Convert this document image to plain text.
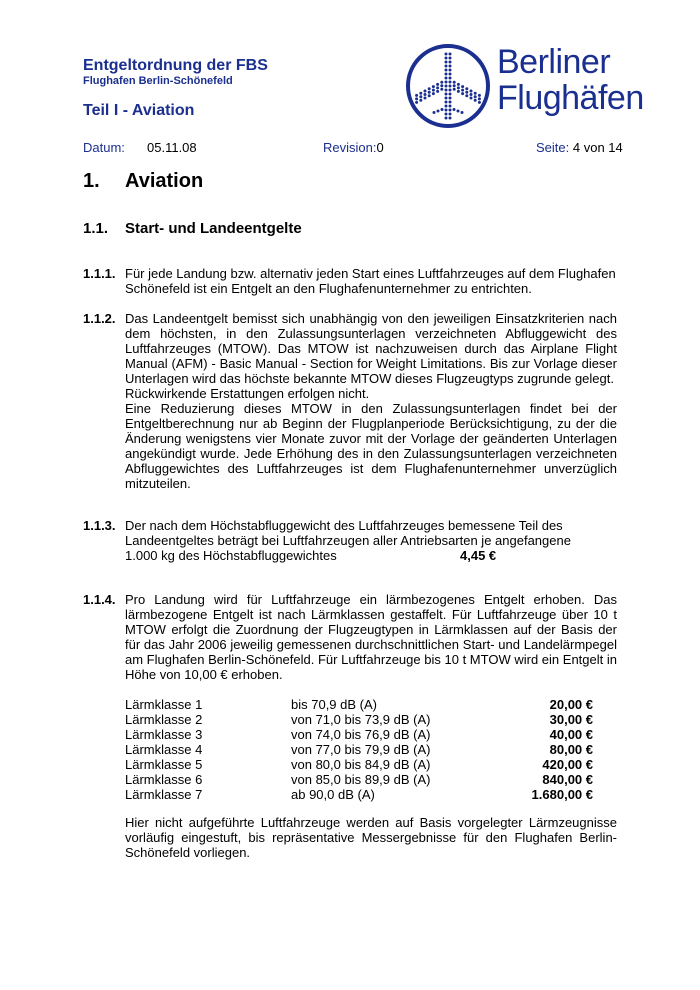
Entgeltordnung der FBS
Flughafen Berlin-Schönefeld
Teil I - Aviation
Berliner
Flughäfen
Datum: 05.11.08	Revision:0	Seite: 4 von 14
1. Aviation
1.1. Start- und Landeentgelte
1.1.1. Für jede Landung bzw. alternativ jeden Start eines Luftfahrzeuges auf dem Flughafen
Schönefeld ist ein Entgelt an den Flughafenunternehmer zu entrichten.
1.1.2. Das Landeentgelt bemisst sich unabhängig von den jeweiligen Einsatzkriterien nach
dem höchsten, in den Zulassungsunterlagen verzeichneten Abfluggewicht des
Luftfahrzeuges (MTOW). Das MTOW ist nachzuweisen durch das Airplane Flight
Manual (AFM) - Basic Manual - Section for Weight Limitations. Bis zur Vorlage dieser
Unterlagen wird das höchste bekannte MTOW dieses Flugzeugtyps zugrunde gelegt.
Rückwirkende Erstattungen erfolgen nicht.
Eine Reduzierung dieses MTOW in den Zulassungsunterlagen findet bei der
Entgeltberechnung nur ab Beginn der Flugplanperiode Berücksichtigung, zu der die
Änderung wenigstens vier Monate zuvor mit der Vorlage der geänderten Unterlagen
angekündigt wurde. Jede Erhöhung des in den Zulassungsunterlagen verzeichneten
Abfluggewichtes des Luftfahrzeuges ist dem Flughafenunternehmer unverzüglich
mitzuteilen.
1.1.3. Der nach dem Höchstabfluggewicht des Luftfahrzeuges bemessene Teil des
Landeentgeltes beträgt bei Luftfahrzeugen aller Antriebsarten je angefangene
1.000 kg des Höchstabfluggewichtes	4,45 €
1.1.4. Pro Landung wird für Luftfahrzeuge ein lärmbezogenes Entgelt erhoben. Das
lärmbezogene Entgelt ist nach Lärmklassen gestaffelt. Für Luftfahrzeuge über 10 t
MTOW erfolgt die Zuordnung der Flugzeugtypen in Lärmklassen auf der Basis der
für das Jahr 2006 jeweilig gemessenen durchschnittlichen Start- und Landelärmpegel
am Flughafen Berlin-Schönefeld. Für Luftfahrzeuge bis 10 t MTOW wird ein Entgelt in
Höhe von 10,00 € erhoben.
Lärmklasse 1	bis 70,9 dB (A)	20,00 €
Lärmklasse 2	von 71,0 bis 73,9 dB (A)	30,00 €
Lärmklasse 3	von 74,0 bis 76,9 dB (A)	40,00 €
Lärmklasse 4	von 77,0 bis 79,9 dB (A)	80,00 €
Lärmklasse 5	von 80,0 bis 84,9 dB (A)	420,00 €
Lärmklasse 6	von 85,0 bis 89,9 dB (A)	840,00 €
Lärmklasse 7	ab 90,0 dB (A)	1.680,00 €
Hier nicht aufgeführte Luftfahrzeuge werden auf Basis vorgelegter Lärmzeugnisse
vorläufig eingestuft, bis repräsentative Messergebnisse für den Flughafen Berlin-
Schönefeld vorliegen.
